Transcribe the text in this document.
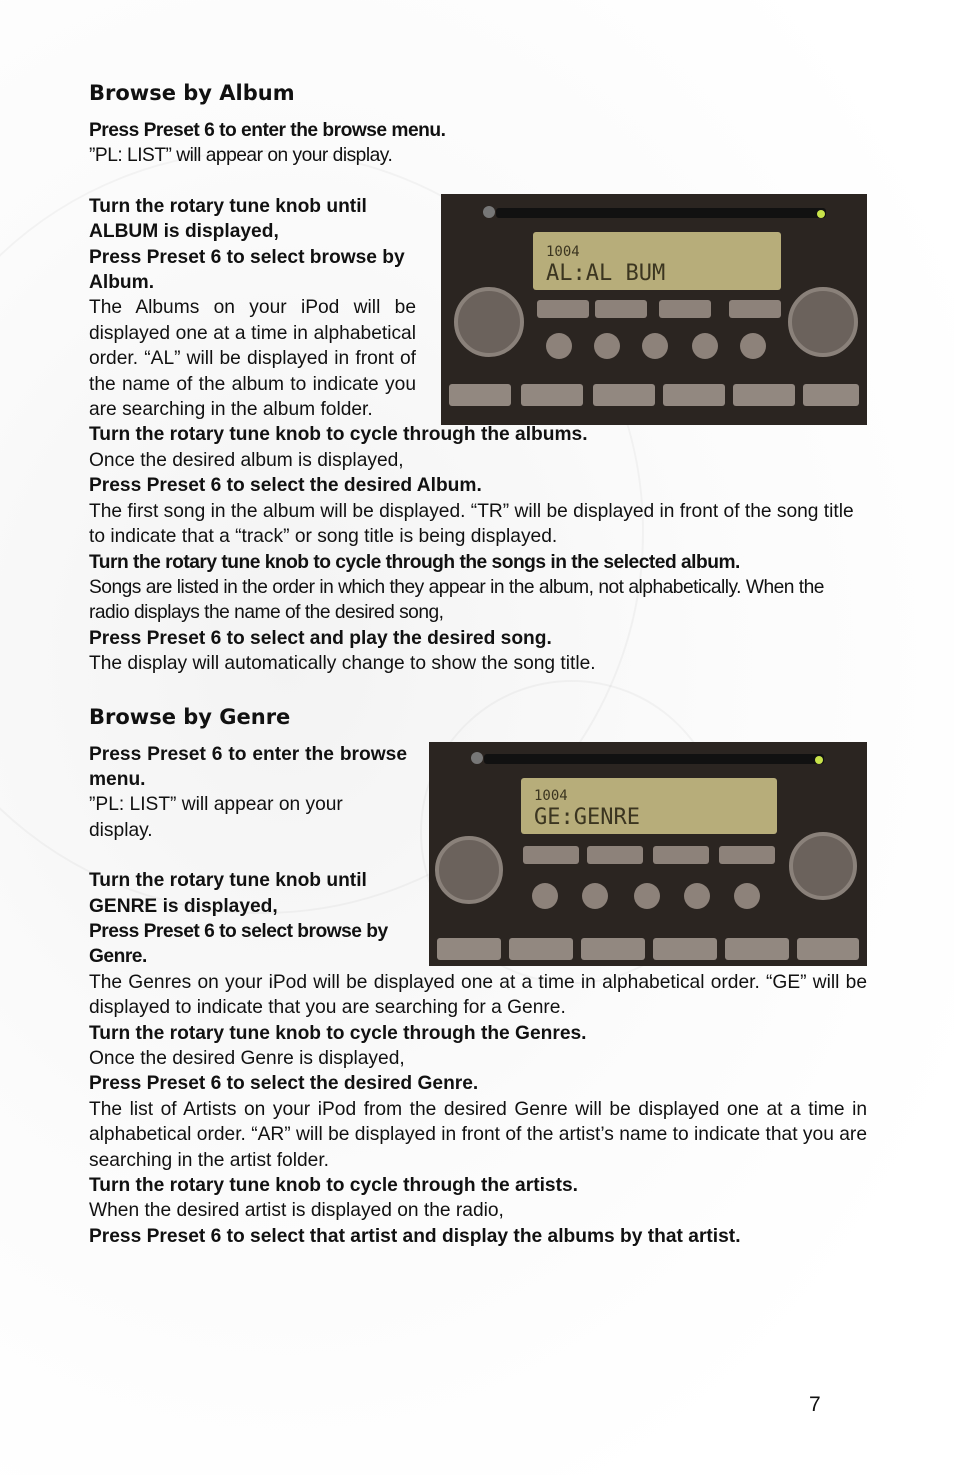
Browse by Album

Press Preset 6 to enter the browse menu.

”PL: LIST” will appear on your display.

1004
AL:AL BUM

Turn the rotary tune knob until ALBUM is displayed,

Press Preset 6 to select browse by Album.

The Albums on your iPod will be displayed one at a time in alphabetical order. “AL” will be displayed in front of the name of the album to indicate you are searching in the album folder.

Turn the rotary tune knob to cycle through the albums.

Once the desired album is displayed,

Press Preset 6 to select the desired Album.

The first song in the album will be displayed. “TR” will be displayed in front of the song title to indicate that a “track” or song title is being displayed.

Turn the rotary tune knob to cycle through the songs in the selected album.

Songs are listed in the order in which they appear in the album, not alphabetically. When the radio displays the name of the desired song,

Press Preset 6 to select and play the desired song.

The display will automatically change to show the song title.

Browse by Genre
1004
GE:GENRE

Press Preset 6 to enter the browse menu.

”PL: LIST” will appear on your display.

Turn the rotary tune knob until GENRE is displayed,

Press Preset 6 to select browse by Genre.

The Genres on your iPod will be displayed one at a time in alphabetical order. “GE” will be displayed to indicate that you are searching for a Genre.

Turn the rotary tune knob to cycle through the Genres.

Once the desired Genre is displayed,

Press Preset 6 to select the desired Genre.

The list of Artists on your iPod from the desired Genre will be displayed one at a time in alphabetical order. “AR” will be displayed in front of the artist’s name to indicate that you are searching in the artist folder.

Turn the rotary tune knob to cycle through the artists.

When the desired artist is displayed on the radio,

Press Preset 6 to select that artist and display the albums by that artist.

7
